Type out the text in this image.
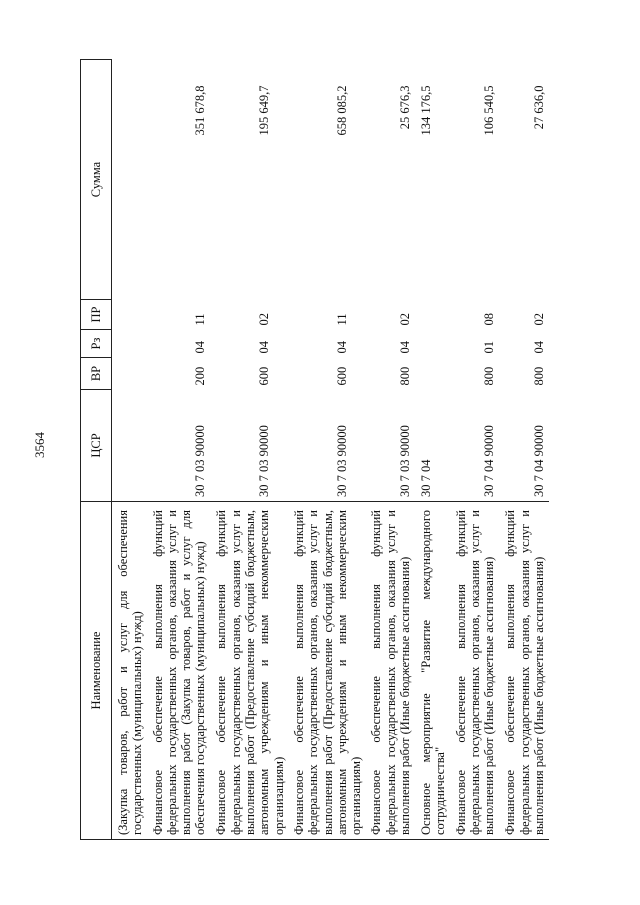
3564
Наименование	ЦСР	ВР	Рз	ПР	Сумма
(Закупка товаров, работ и услуг для обеспечения государственных (муниципальных) нужд)					
Финансовое обеспечение выполнения функций федеральных государственных органов, оказания услуг и выполнения работ (Закупка товаров, работ и услуг для обеспечения государственных (муниципальных) нужд)	30 7 03 90000	200	04	11	351 678,8
Финансовое обеспечение выполнения функций федеральных государственных органов, оказания услуг и выполнения работ (Предоставление субсидий бюджетным, автономным учреждениям и иным некоммерческим организациям)	30 7 03 90000	600	04	02	195 649,7
Финансовое обеспечение выполнения функций федеральных государственных органов, оказания услуг и выполнения работ (Предоставление субсидий бюджетным, автономным учреждениям и иным некоммерческим организациям)	30 7 03 90000	600	04	11	658 085,2
Финансовое обеспечение выполнения функций федеральных государственных органов, оказания услуг и выполнения работ (Иные бюджетные ассигнования)	30 7 03 90000	800	04	02	25 676,3
Основное мероприятие "Развитие международного сотрудничества"	30 7 04				134 176,5
Финансовое обеспечение выполнения функций федеральных государственных органов, оказания услуг и выполнения работ (Иные бюджетные ассигнования)	30 7 04 90000	800	01	08	106 540,5
Финансовое обеспечение выполнения функций федеральных государственных органов, оказания услуг и выполнения работ (Иные бюджетные ассигнования)	30 7 04 90000	800	04	02	27 636,0
